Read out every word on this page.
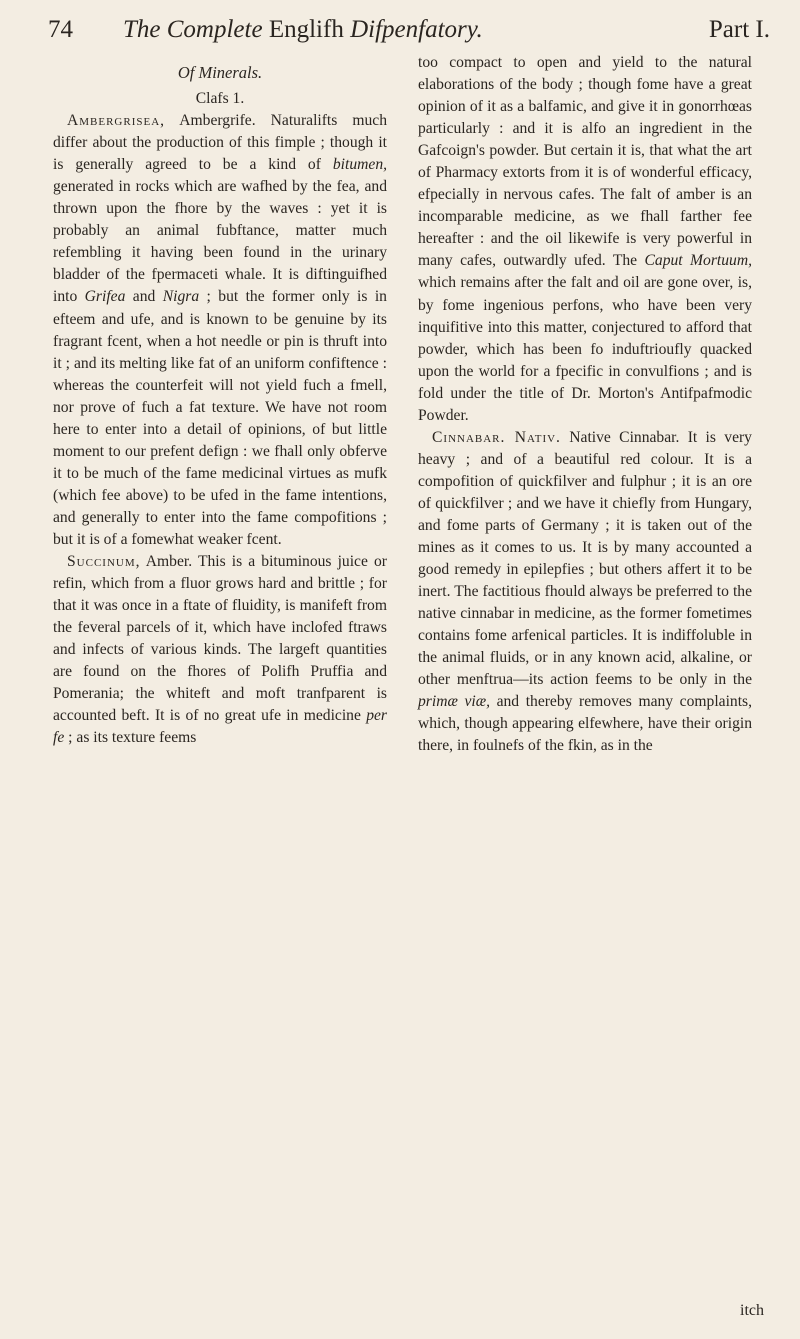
74 The Complete Englifh Difpenfatory.	Part I.

Of Minerals.

Clafs 1.

Ambergrisea, Ambergrife. Naturalifts much differ about the production of this fimple ; though it is generally agreed to be a kind of bitumen, generated in rocks which are wafhed by the fea, and thrown upon the fhore by the waves : yet it is probably an animal fubftance, matter much refembling it having been found in the urinary bladder of the fpermaceti whale. It is diftinguifhed into Grifea and Nigra ; but the former only is in efteem and ufe, and is known to be genuine by its fragrant fcent, when a hot needle or pin is thruft into it ; and its melting like fat of an uniform confiftence : whereas the counterfeit will not yield fuch a fmell, nor prove of fuch a fat texture. We have not room here to enter into a detail of opinions, of but little moment to our prefent defign : we fhall only obferve it to be much of the fame medicinal virtues as mufk (which fee above) to be ufed in the fame intentions, and generally to enter into the fame compofitions ; but it is of a fomewhat weaker fcent.

Succinum, Amber. This is a bituminous juice or refin, which from a fluor grows hard and brittle ; for that it was once in a ftate of fluidity, is manifeft from the feveral parcels of it, which have inclofed ftraws and infects of various kinds. The largeft quantities are found on the fhores of Polifh Pruffia and Pomerania; the whiteft and moft tranfparent is accounted beft. It is of no great ufe in medicine per fe ; as its texture feems

too compact to open and yield to the natural elaborations of the body ; though fome have a great opinion of it as a balfamic, and give it in gonorrhœas particularly : and it is alfo an ingredient in the Gafcoign's powder. But certain it is, that what the art of Pharmacy extorts from it is of wonderful efficacy, efpecially in nervous cafes. The falt of amber is an incomparable medicine, as we fhall farther fee hereafter : and the oil likewife is very powerful in many cafes, outwardly ufed. The Caput Mortuum, which remains after the falt and oil are gone over, is, by fome ingenious perfons, who have been very inquifitive into this matter, conjectured to afford that powder, which has been fo induftrioufly quacked upon the world for a fpecific in convulfions ; and is fold under the title of Dr. Morton's Antifpafmodic Powder.

Cinnabar. Nativ. Native Cinnabar. It is very heavy ; and of a beautiful red colour. It is a compofition of quickfilver and fulphur ; it is an ore of quickfilver ; and we have it chiefly from Hungary, and fome parts of Germany ; it is taken out of the mines as it comes to us. It is by many accounted a good remedy in epilepfies ; but others affert it to be inert. The factitious fhould always be preferred to the native cinnabar in medicine, as the former fometimes contains fome arfenical particles. It is indiffoluble in the animal fluids, or in any known acid, alkaline, or other menftrua—its action feems to be only in the primæ viæ, and thereby removes many complaints, which, though appearing elfewhere, have their origin there, in foulnefs of the fkin, as in the

itch
